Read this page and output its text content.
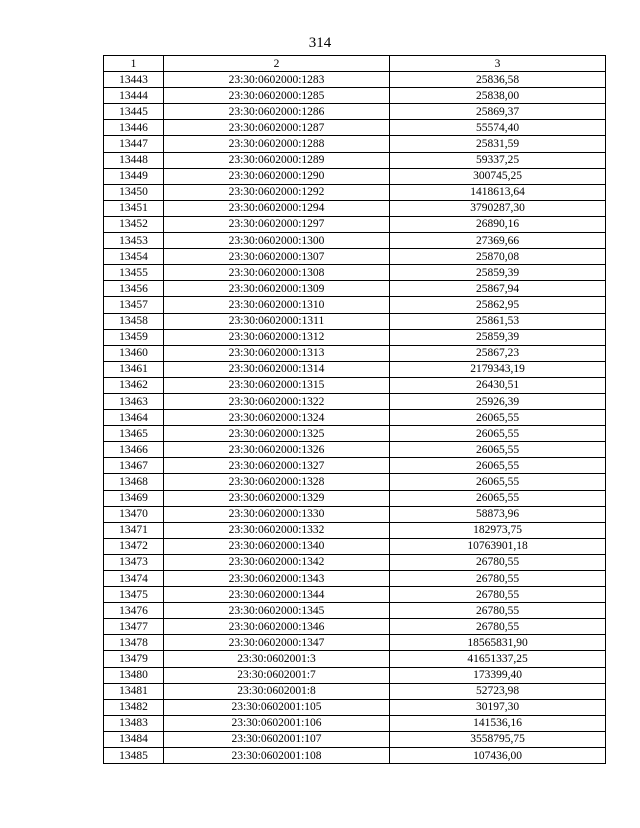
314
1	2	3
13443	23:30:0602000:1283	25836,58
13444	23:30:0602000:1285	25838,00
13445	23:30:0602000:1286	25869,37
13446	23:30:0602000:1287	55574,40
13447	23:30:0602000:1288	25831,59
13448	23:30:0602000:1289	59337,25
13449	23:30:0602000:1290	300745,25
13450	23:30:0602000:1292	1418613,64
13451	23:30:0602000:1294	3790287,30
13452	23:30:0602000:1297	26890,16
13453	23:30:0602000:1300	27369,66
13454	23:30:0602000:1307	25870,08
13455	23:30:0602000:1308	25859,39
13456	23:30:0602000:1309	25867,94
13457	23:30:0602000:1310	25862,95
13458	23:30:0602000:1311	25861,53
13459	23:30:0602000:1312	25859,39
13460	23:30:0602000:1313	25867,23
13461	23:30:0602000:1314	2179343,19
13462	23:30:0602000:1315	26430,51
13463	23:30:0602000:1322	25926,39
13464	23:30:0602000:1324	26065,55
13465	23:30:0602000:1325	26065,55
13466	23:30:0602000:1326	26065,55
13467	23:30:0602000:1327	26065,55
13468	23:30:0602000:1328	26065,55
13469	23:30:0602000:1329	26065,55
13470	23:30:0602000:1330	58873,96
13471	23:30:0602000:1332	182973,75
13472	23:30:0602000:1340	10763901,18
13473	23:30:0602000:1342	26780,55
13474	23:30:0602000:1343	26780,55
13475	23:30:0602000:1344	26780,55
13476	23:30:0602000:1345	26780,55
13477	23:30:0602000:1346	26780,55
13478	23:30:0602000:1347	18565831,90
13479	23:30:0602001:3	41651337,25
13480	23:30:0602001:7	173399,40
13481	23:30:0602001:8	52723,98
13482	23:30:0602001:105	30197,30
13483	23:30:0602001:106	141536,16
13484	23:30:0602001:107	3558795,75
13485	23:30:0602001:108	107436,00
